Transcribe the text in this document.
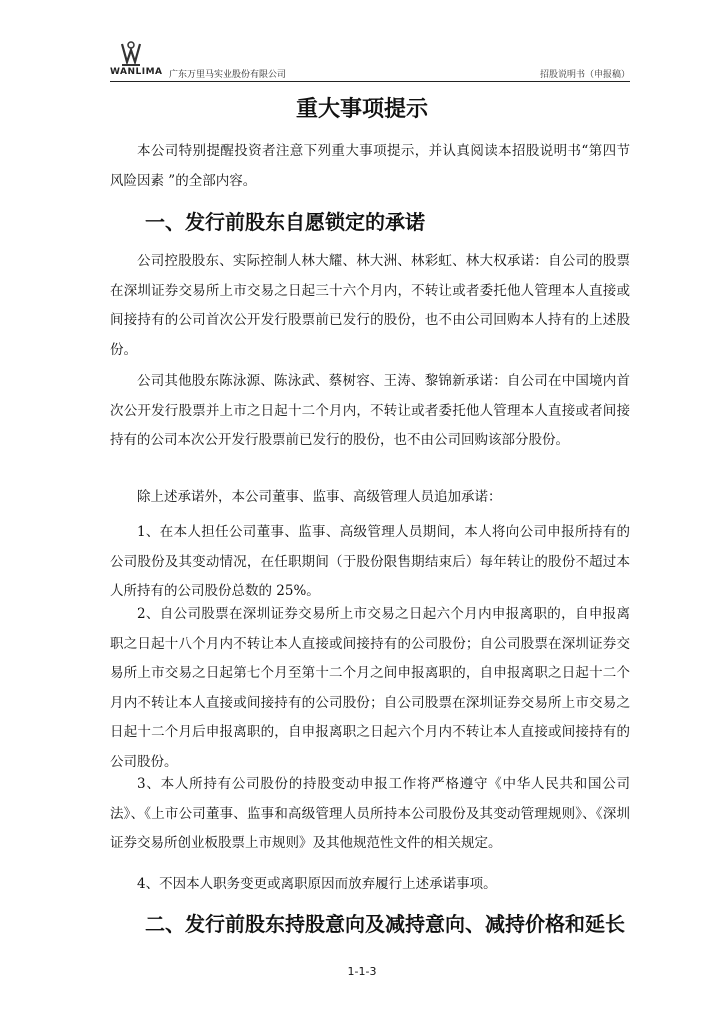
WANLIMA 广东万里马实业股份有限公司	招股说明书（申报稿）
重大事项提示

本公司特别提醒投资者注意下列重大事项提示，并认真阅读本招股说明书“第四节 风险因素 ”的全部内容。

一、发行前股东自愿锁定的承诺

公司控股股东、实际控制人林大耀、林大洲、林彩虹、林大权承诺：自公司的股票在深圳证券交易所上市交易之日起三十六个月内，不转让或者委托他人管理本人直接或间接持有的公司首次公开发行股票前已发行的股份，也不由公司回购本人持有的上述股份。

公司其他股东陈泳源、陈泳武、蔡树容、王涛、黎锦新承诺：自公司在中国境内首次公开发行股票并上市之日起十二个月内，不转让或者委托他人管理本人直接或者间接持有的公司本次公开发行股票前已发行的股份，也不由公司回购该部分股份。

除上述承诺外，本公司董事、监事、高级管理人员追加承诺：

1、在本人担任公司董事、监事、高级管理人员期间，本人将向公司申报所持有的公司股份及其变动情况，在任职期间（于股份限售期结束后）每年转让的股份不超过本人所持有的公司股份总数的 25%。

2、自公司股票在深圳证券交易所上市交易之日起六个月内申报离职的，自申报离职之日起十八个月内不转让本人直接或间接持有的公司股份；自公司股票在深圳证券交易所上市交易之日起第七个月至第十二个月之间申报离职的，自申报离职之日起十二个月内不转让本人直接或间接持有的公司股份；自公司股票在深圳证券交易所上市交易之日起十二个月后申报离职的，自申报离职之日起六个月内不转让本人直接或间接持有的公司股份。

3、本人所持有公司股份的持股变动申报工作将严格遵守《中华人民共和国公司法》、《上市公司董事、监事和高级管理人员所持本公司股份及其变动管理规则》、《深圳证券交易所创业板股票上市规则》及其他规范性文件的相关规定。

4、不因本人职务变更或离职原因而放弃履行上述承诺事项。

二、发行前股东持股意向及减持意向、减持价格和延长
1-1-3
